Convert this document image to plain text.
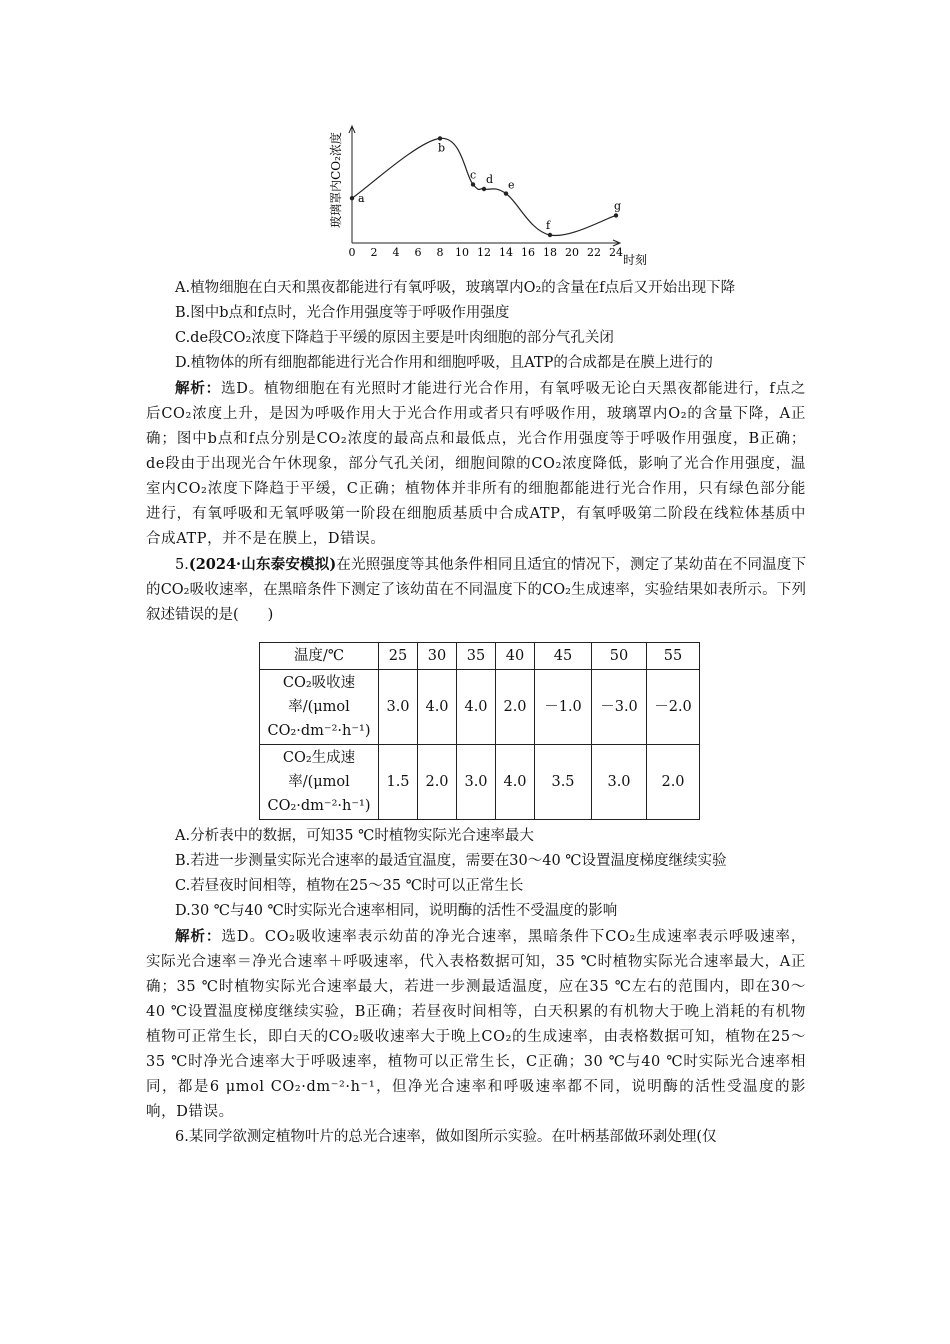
0 2 4 6 8 10 12 14 16 18 20 22 24
a
b
c d e
f
g
玻璃罩内CO₂浓度
时刻

A.植物细胞在白天和黑夜都能进行有氧呼吸，玻璃罩内O₂的含量在f点后又开始出现下降

B.图中b点和f点时，光合作用强度等于呼吸作用强度

C.de段CO₂浓度下降趋于平缓的原因主要是叶肉细胞的部分气孔关闭

D.植物体的所有细胞都能进行光合作用和细胞呼吸，且ATP的合成都是在膜上进行的

解析：选D。植物细胞在有光照时才能进行光合作用，有氧呼吸无论白天黑夜都能进行，f点之后CO₂浓度上升，是因为呼吸作用大于光合作用或者只有呼吸作用，玻璃罩内O₂的含量下降，A正确；图中b点和f点分别是CO₂浓度的最高点和最低点，光合作用强度等于呼吸作用强度，B正确；de段由于出现光合午休现象，部分气孔关闭，细胞间隙的CO₂浓度降低，影响了光合作用强度，温室内CO₂浓度下降趋于平缓，C正确；植物体并非所有的细胞都能进行光合作用，只有绿色部分能进行，有氧呼吸和无氧呼吸第一阶段在细胞质基质中合成ATP，有氧呼吸第二阶段在线粒体基质中合成ATP，并不是在膜上，D错误。

5.(2024·山东泰安模拟)在光照强度等其他条件相同且适宜的情况下，测定了某幼苗在不同温度下的CO₂吸收速率，在黑暗条件下测定了该幼苗在不同温度下的CO₂生成速率，实验结果如表所示。下列叙述错误的是(　　)

温度/℃	25	30	35	40	45	50	55
CO₂吸收速率/(μmol CO₂·dm⁻²·h⁻¹)	3.0	4.0	4.0	2.0	－1.0	－3.0	－2.0
CO₂生成速率/(μmol CO₂·dm⁻²·h⁻¹)	1.5	2.0	3.0	4.0	3.5	3.0	2.0

A.分析表中的数据，可知35 ℃时植物实际光合速率最大

B.若进一步测量实际光合速率的最适宜温度，需要在30～40 ℃设置温度梯度继续实验

C.若昼夜时间相等，植物在25～35 ℃时可以正常生长

D.30 ℃与40 ℃时实际光合速率相同，说明酶的活性不受温度的影响

解析：选D。CO₂吸收速率表示幼苗的净光合速率，黑暗条件下CO₂生成速率表示呼吸速率，实际光合速率＝净光合速率＋呼吸速率，代入表格数据可知，35 ℃时植物实际光合速率最大，A正确；35 ℃时植物实际光合速率最大，若进一步测最适温度，应在35 ℃左右的范围内，即在30～40 ℃设置温度梯度继续实验，B正确；若昼夜时间相等，白天积累的有机物大于晚上消耗的有机物植物可正常生长，即白天的CO₂吸收速率大于晚上CO₂的生成速率，由表格数据可知，植物在25～35 ℃时净光合速率大于呼吸速率，植物可以正常生长，C正确；30 ℃与40 ℃时实际光合速率相同，都是6 μmol CO₂·dm⁻²·h⁻¹，但净光合速率和呼吸速率都不同，说明酶的活性受温度的影响，D错误。

6.某同学欲测定植物叶片的总光合速率，做如图所示实验。在叶柄基部做环剥处理(仅
